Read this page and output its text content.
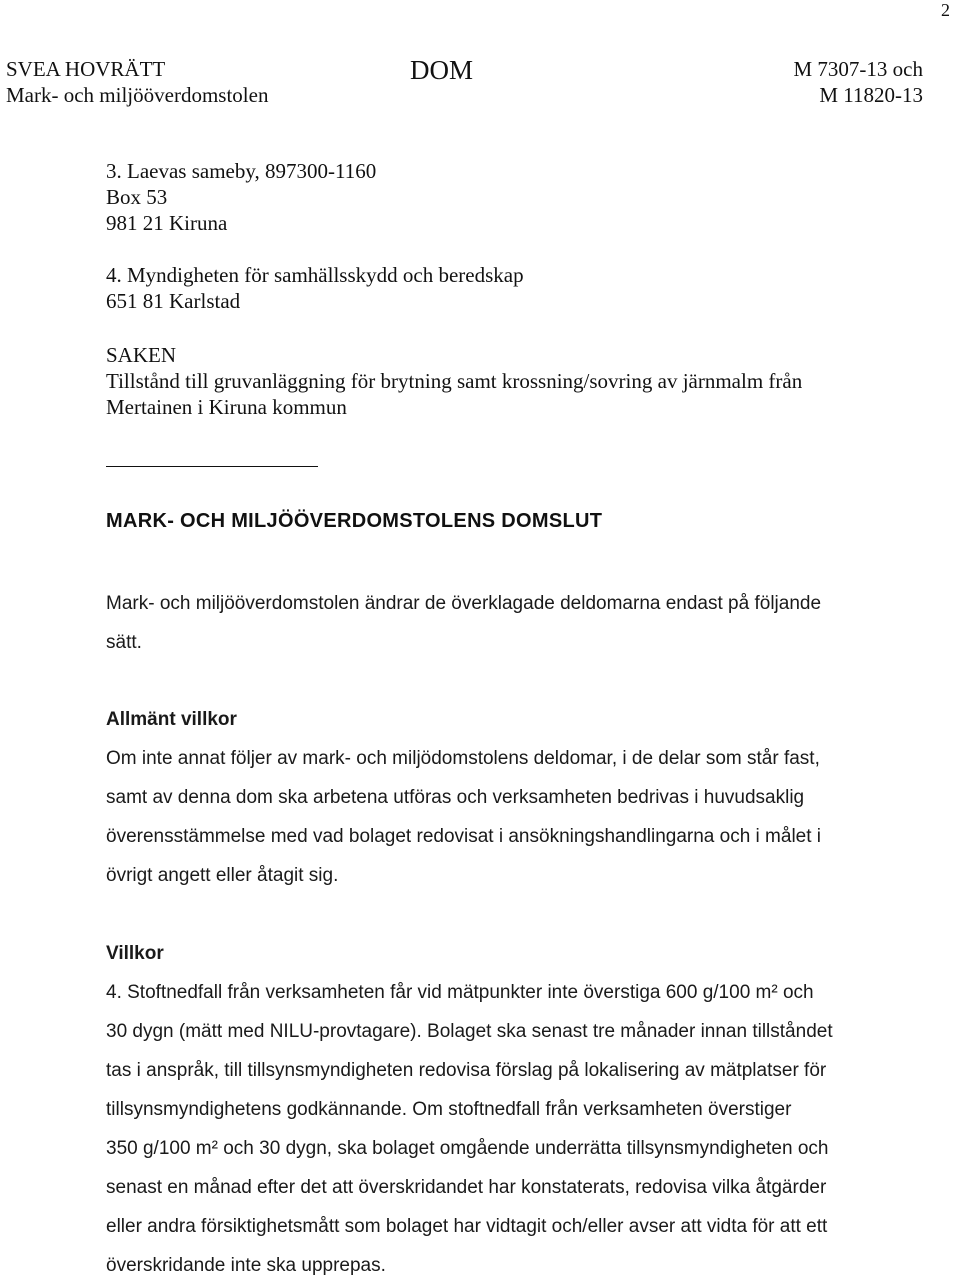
2
SVEA HOVRÄTT
Mark- och miljööverdomstolen
DOM	M 7307-13 och
M 11820-13
3. Laevas sameby, 897300-1160
Box 53
981 21 Kiruna
4. Myndigheten för samhällsskydd och beredskap
651 81 Karlstad
SAKEN
Tillstånd till gruvanläggning för brytning samt krossning/sovring av järnmalm från
Mertainen i Kiruna kommun
MARK- OCH MILJÖÖVERDOMSTOLENS DOMSLUT
Mark- och miljööverdomstolen ändrar de överklagade deldomarna endast på följande
sätt.
Allmänt villkor
Om inte annat följer av mark- och miljödomstolens deldomar, i de delar som står fast,
samt av denna dom ska arbetena utföras och verksamheten bedrivas i huvudsaklig
överensstämmelse med vad bolaget redovisat i ansökningshandlingarna och i målet i
övrigt angett eller åtagit sig.
Villkor
4. Stoftnedfall från verksamheten får vid mätpunkter inte överstiga 600 g/100 m² och
30 dygn (mätt med NILU-provtagare). Bolaget ska senast tre månader innan tillståndet
tas i anspråk, till tillsynsmyndigheten redovisa förslag på lokalisering av mätplatser för
tillsynsmyndighetens godkännande. Om stoftnedfall från verksamheten överstiger
350 g/100 m² och 30 dygn, ska bolaget omgående underrätta tillsynsmyndigheten och
senast en månad efter det att överskridandet har konstaterats, redovisa vilka åtgärder
eller andra försiktighetsmått som bolaget har vidtagit och/eller avser att vidta för att ett
överskridande inte ska upprepas.
